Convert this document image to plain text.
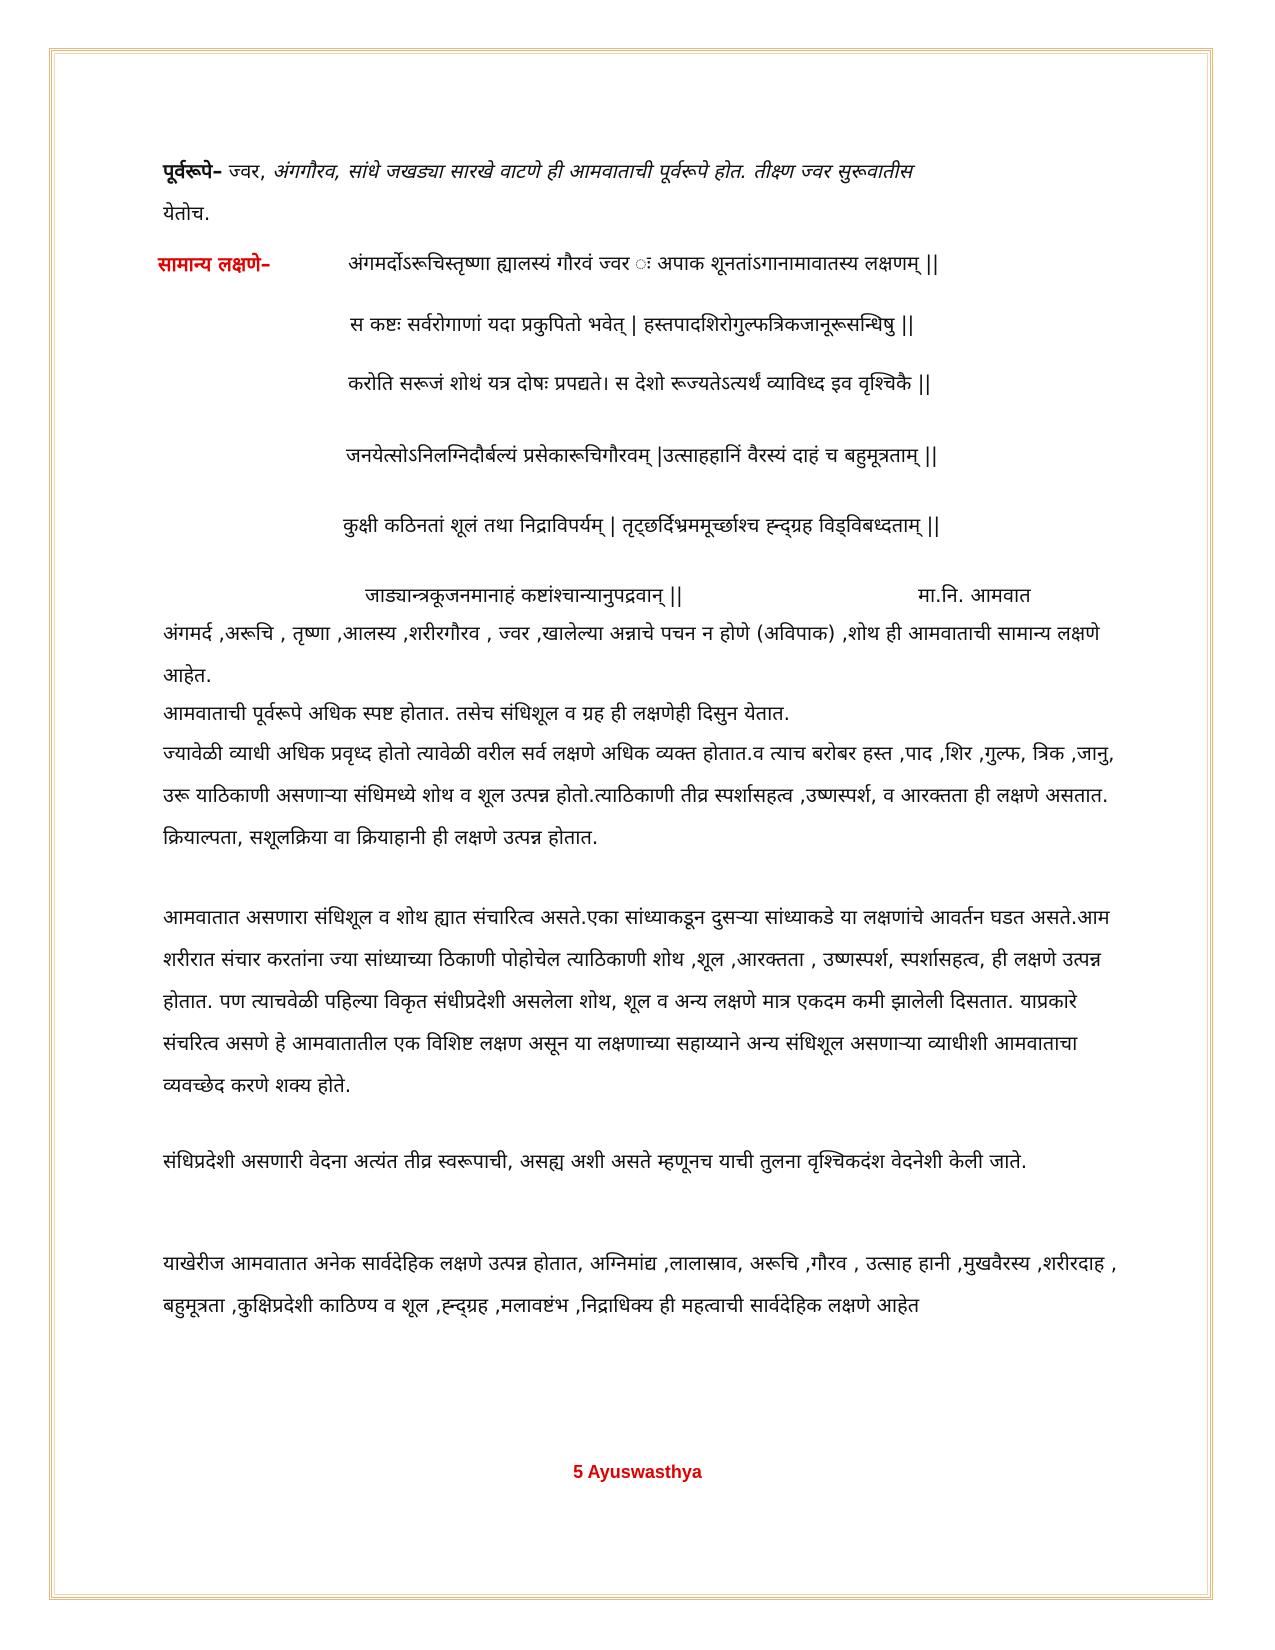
पूर्वरूपे– ज्वर, अंगगौरव, सांधे जखड्या सारखे वाटणे ही आमवाताची पूर्वरूपे होत. तीक्ष्ण ज्वर सुरूवातीस
येतोच.

सामान्य लक्षणे–	अंगमर्दोऽरूचिस्तृष्णा ह्यालस्यं गौरवं ज्वर ः अपाक शूनतांऽगानामावातस्य लक्षणम् ||
स कष्टः सर्वरोगाणां यदा प्रकुपितो भवेत् | हस्तपादशिरोगुल्फत्रिकजानूरूसन्धिषु ||
करोति सरूजं शोथं यत्र दोषः प्रपद्यते। स देशो रूज्यतेऽत्यर्थं व्याविध्द इव वृश्चिकै ||
जनयेत्सोऽनिलग्निदौर्बल्यं प्रसेकारूचिगौरवम् |उत्साहहानिं वैरस्यं दाहं च बहुमूत्रताम् ||
कुक्षी कठिनतां शूलं तथा निद्राविपर्यम् | तृट्छर्दिभ्रममूर्च्छाश्च ह्न्द्ग्रह विड्विबध्दताम् ||
जाड्यान्त्रकूजनमानाहं कष्टांश्चान्यानुपद्रवान् ||	मा.नि. आमवात

अंगमर्द ,अरूचि , तृष्णा ,आलस्य ,शरीरगौरव , ज्वर ,खालेल्या अन्नाचे पचन न होणे (अविपाक) ,शोथ ही आमवाताची सामान्य लक्षणे आहेत.

आमवाताची पूर्वरूपे अधिक स्पष्ट होतात. तसेच संधिशूल व ग्रह ही लक्षणेही दिसुन येतात.

ज्यावेळी व्याधी अधिक प्रवृध्द होतो त्यावेळी वरील सर्व लक्षणे अधिक व्यक्त होतात.व त्याच बरोबर हस्त ,पाद ,शिर ,गुल्फ, त्रिक ,जानु, उरू याठिकाणी असणाऱ्या संधिमध्ये शोथ व शूल उत्पन्न होतो.त्याठिकाणी तीव्र स्पर्शासहत्व ,उष्णस्पर्श, व आरक्तता ही लक्षणे असतात. क्रियाल्पता, सशूलक्रिया वा क्रियाहानी ही लक्षणे उत्पन्न होतात.

आमवातात असणारा संधिशूल व शोथ ह्यात संचारित्व असते.एका सांध्याकडून दुसऱ्या सांध्याकडे या लक्षणांचे आवर्तन घडत असते.आम शरीरात संचार करतांना ज्या सांध्याच्या ठिकाणी पोहोचेल त्याठिकाणी शोथ ,शूल ,आरक्तता , उष्णस्पर्श, स्पर्शासहत्व, ही लक्षणे उत्पन्न होतात. पण त्याचवेळी पहिल्या विकृत संधीप्रदेशी असलेला शोथ, शूल व अन्य लक्षणे मात्र एकदम कमी झालेली दिसतात. याप्रकारे संचरित्व असणे हे आमवातातील एक विशिष्ट लक्षण असून या लक्षणाच्या सहाय्याने अन्य संधिशूल असणाऱ्या व्याधीशी आमवाताचा व्यवच्छेद करणे शक्य होते.

संधिप्रदेशी असणारी वेदना अत्यंत तीव्र स्वरूपाची, असह्य अशी असते म्हणूनच याची तुलना वृश्चिकदंश वेदनेशी केली जाते.

याखेरीज आमवातात अनेक सार्वदेहिक लक्षणे उत्पन्न होतात, अग्निमांद्य ,लालास्राव, अरूचि ,गौरव , उत्साह हानी ,मुखवैरस्य ,शरीरदाह , बहुमूत्रता ,कुक्षिप्रदेशी काठिण्य व शूल ,ह्न्द्ग्रह ,मलावष्टंभ ,निद्राधिक्य ही महत्वाची सार्वदेहिक लक्षणे आहेत

5 Ayuswasthya
